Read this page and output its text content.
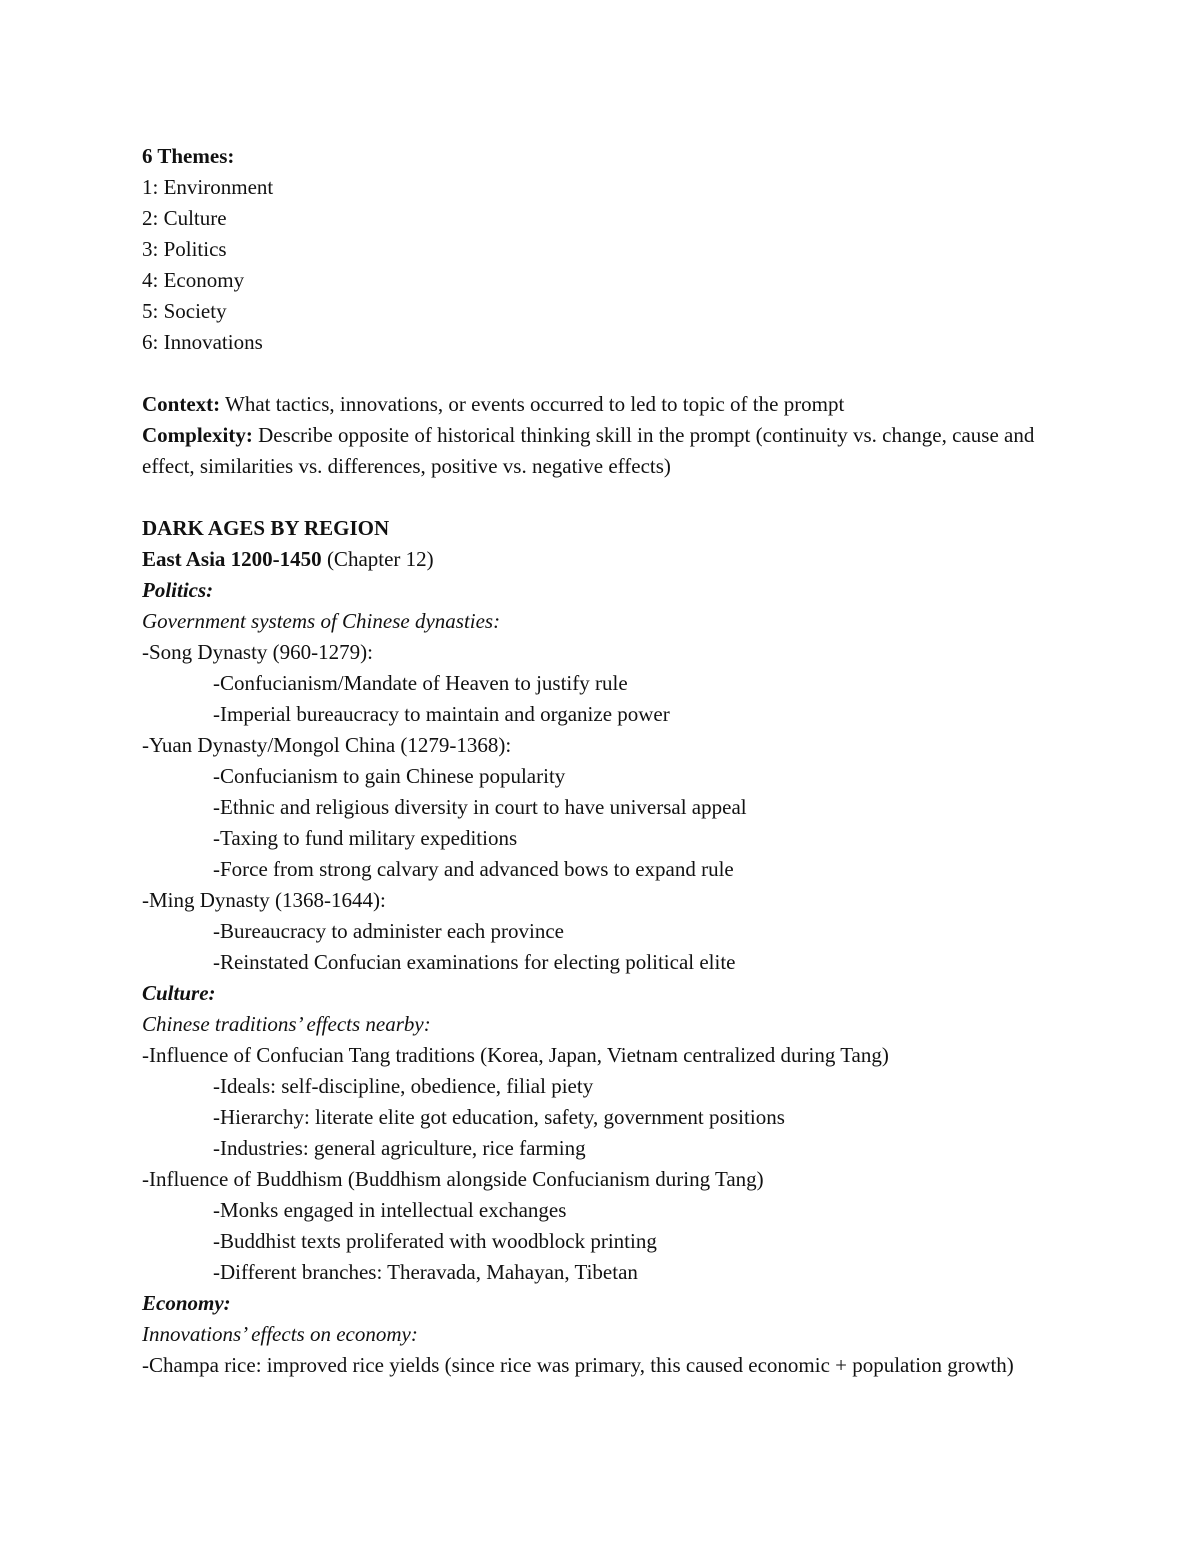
6 Themes:
1: Environment
2: Culture
3: Politics
4: Economy
5: Society
6: Innovations
Context: What tactics, innovations, or events occurred to led to topic of the prompt
Complexity: Describe opposite of historical thinking skill in the prompt (continuity vs. change, cause and effect, similarities vs. differences, positive vs. negative effects)
DARK AGES BY REGION
East Asia 1200-1450 (Chapter 12)
Politics:
Government systems of Chinese dynasties:
-Song Dynasty (960-1279):
-Confucianism/Mandate of Heaven to justify rule
-Imperial bureaucracy to maintain and organize power
-Yuan Dynasty/Mongol China (1279-1368):
-Confucianism to gain Chinese popularity
-Ethnic and religious diversity in court to have universal appeal
-Taxing to fund military expeditions
-Force from strong calvary and advanced bows to expand rule
-Ming Dynasty (1368-1644):
-Bureaucracy to administer each province
-Reinstated Confucian examinations for electing political elite
Culture:
Chinese traditions’ effects nearby:
-Influence of Confucian Tang traditions (Korea, Japan, Vietnam centralized during Tang)
-Ideals: self-discipline, obedience, filial piety
-Hierarchy: literate elite got education, safety, government positions
-Industries: general agriculture, rice farming
-Influence of Buddhism (Buddhism alongside Confucianism during Tang)
-Monks engaged in intellectual exchanges
-Buddhist texts proliferated with woodblock printing
-Different branches: Theravada, Mahayan, Tibetan
Economy:
Innovations’ effects on economy:
-Champa rice: improved rice yields (since rice was primary, this caused economic + population growth)
